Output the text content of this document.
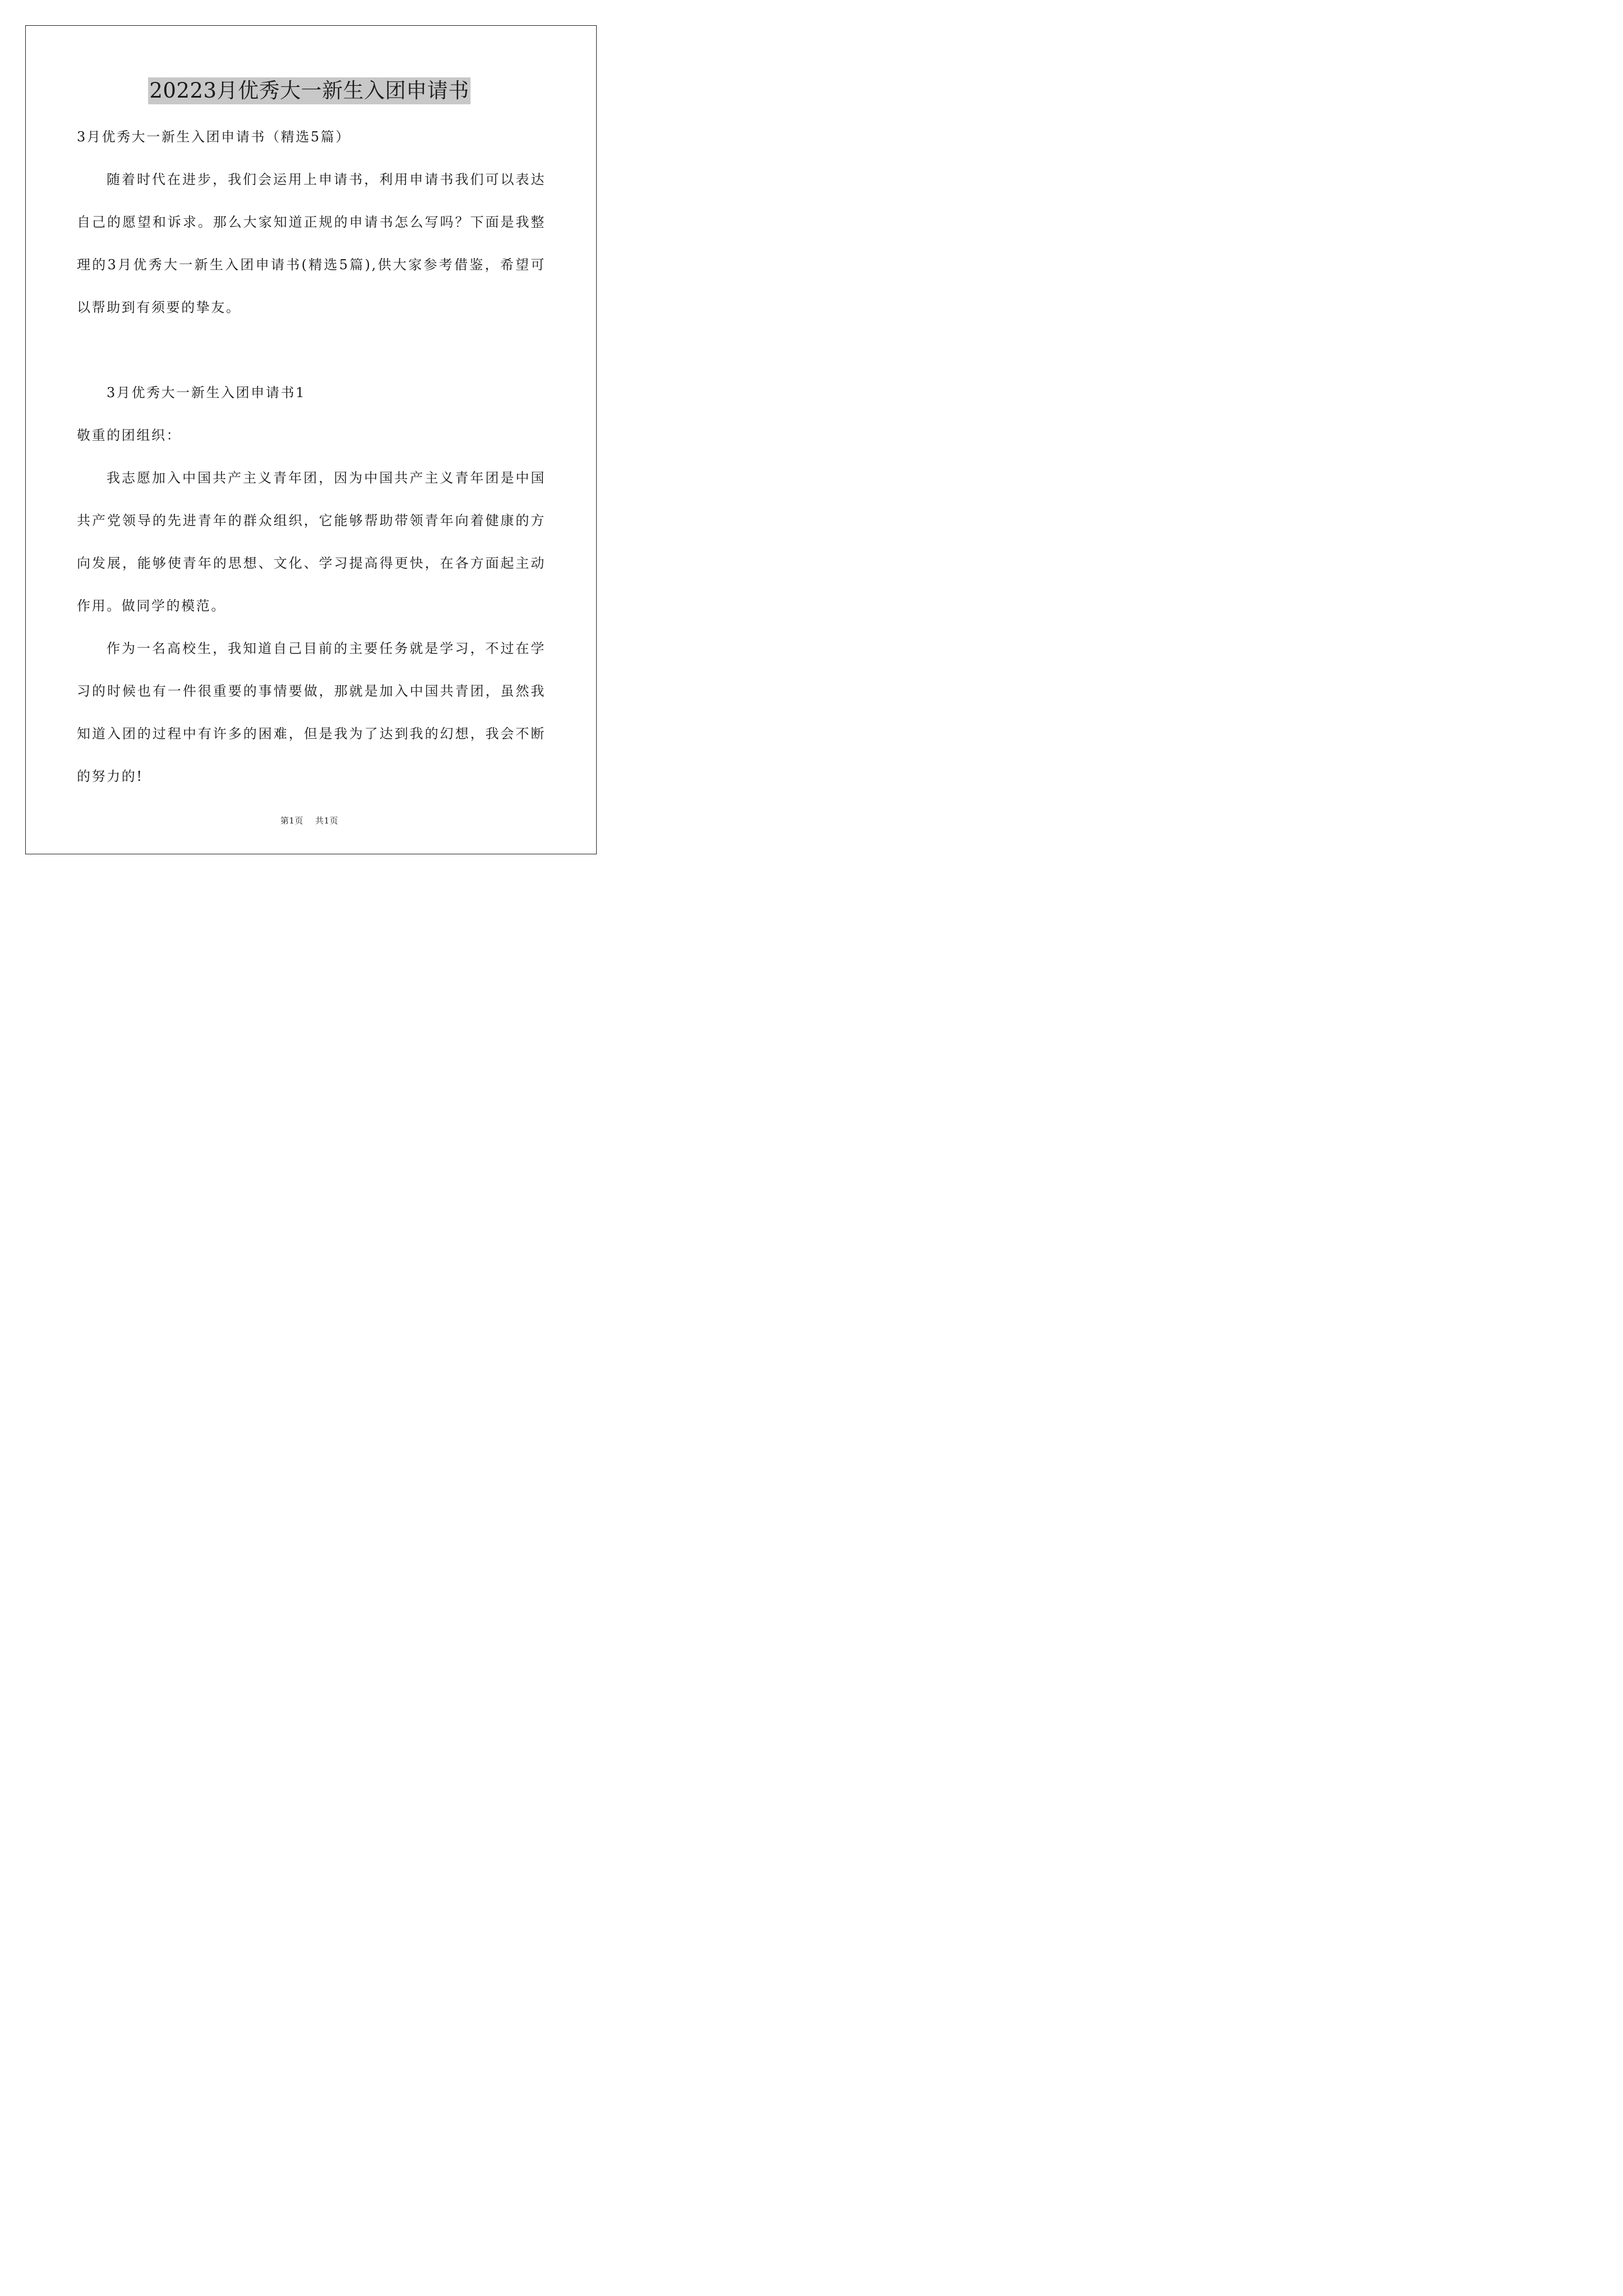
20223月优秀大一新生入团申请书
3月优秀大一新生入团申请书（精选5篇）
随着时代在进步，我们会运用上申请书，利用申请书我们可以表达自己的愿望和诉求。那么大家知道正规的申请书怎么写吗？下面是我整理的3月优秀大一新生入团申请书(精选5篇),供大家参考借鉴，希望可以帮助到有须要的挚友。
3月优秀大一新生入团申请书1
敬重的团组织：
我志愿加入中国共产主义青年团，因为中国共产主义青年团是中国共产党领导的先进青年的群众组织，它能够帮助带领青年向着健康的方向发展，能够使青年的思想、文化、学习提高得更快，在各方面起主动作用。做同学的模范。
作为一名高校生，我知道自己目前的主要任务就是学习，不过在学习的时候也有一件很重要的事情要做，那就是加入中国共青团，虽然我知道入团的过程中有许多的困难，但是我为了达到我的幻想，我会不断的努力的!
第1页 共1页
